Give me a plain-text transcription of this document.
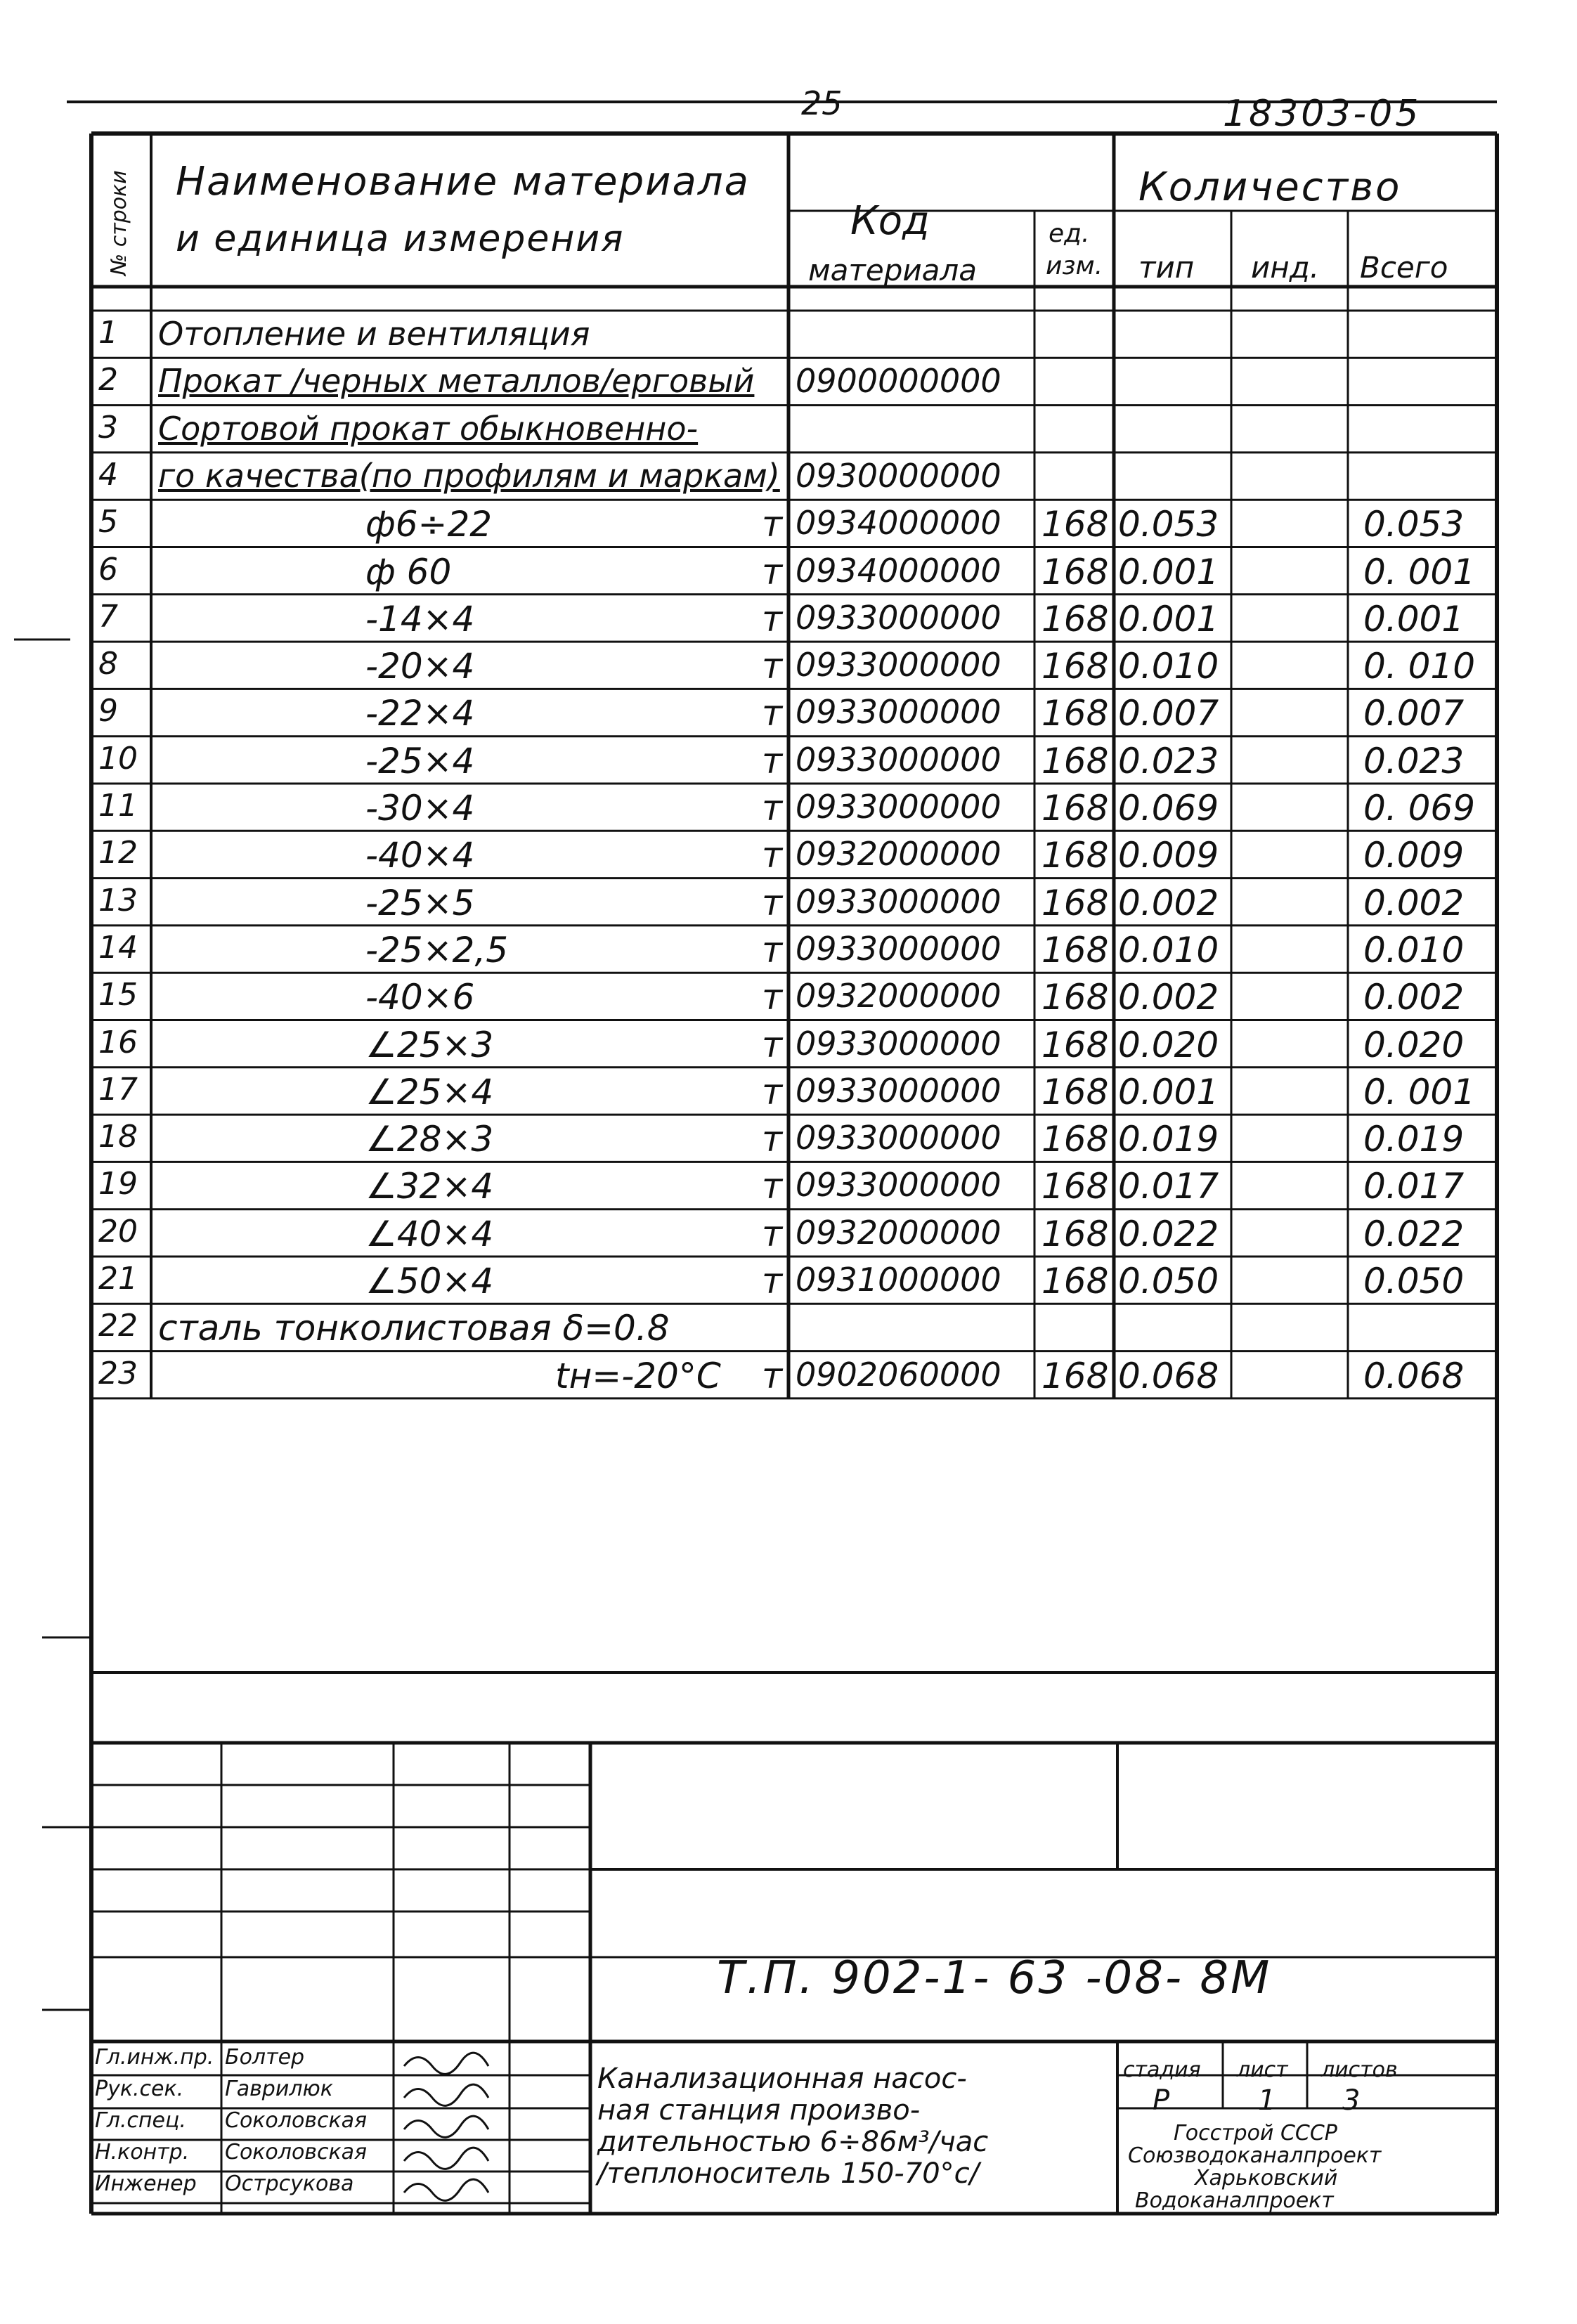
25	18303-05
№ строки Наименование материала
и единица измерения	Код
материала
ед.
изм.
Количество
тип инд. Всего
1 Отопление и вентиляция
2 Прокат /черных металлов/ерговый 0900000000
3 Сортовой прокат обыкновенно-
4 го качества(по профилям и маркам) 0930000000
5	ф6÷22	т 0934000000 168 0.053	0.053
6	ф 60	т 0934000000 168 0.001	0. 001
7	-14×4	т 0933000000 168 0.001	0.001
8	-20×4	т 0933000000 168 0.010	0. 010
9	-22×4	т 0933000000 168 0.007	0.007
10	-25×4	т 0933000000 168 0.023	0.023
11	-30×4	т 0933000000 168 0.069	0. 069
12	-40×4	т 0932000000 168 0.009	0.009
13	-25×5	т 0933000000 168 0.002	0.002
14	-25×2,5	т 0933000000 168 0.010	0.010
15	-40×6	т 0932000000 168 0.002	0.002
16	∠25×3	т 0933000000 168 0.020	0.020
17	∠25×4	т 0933000000 168 0.001	0. 001
18	∠28×3	т 0933000000 168 0.019	0.019
19	∠32×4	т 0933000000 168 0.017	0.017
20	∠40×4	т 0932000000 168 0.022	0.022
21	∠50×4	т 0931000000 168 0.050	0.050
22 сталь тонколистовая δ=0.8
23	tн=-20°С т 0902060000 168 0.068	0.068
Т.П. 902-1- 63 -08- 8М
Канализационная насос-
ная станция произво-
дительностью 6÷86м³/час
/теплоноситель 150-70°с/
стадия лист листов
Р	1 3
Госстрой СССР
Союзводоканалпроект
Харьковский
Водоканалпроект
Гл.инж.пр. Болтер
Рук.сек. Гаврилюк
Гл.спец. Соколовская
Н.контр. Соколовская
Инженер Острсукова
